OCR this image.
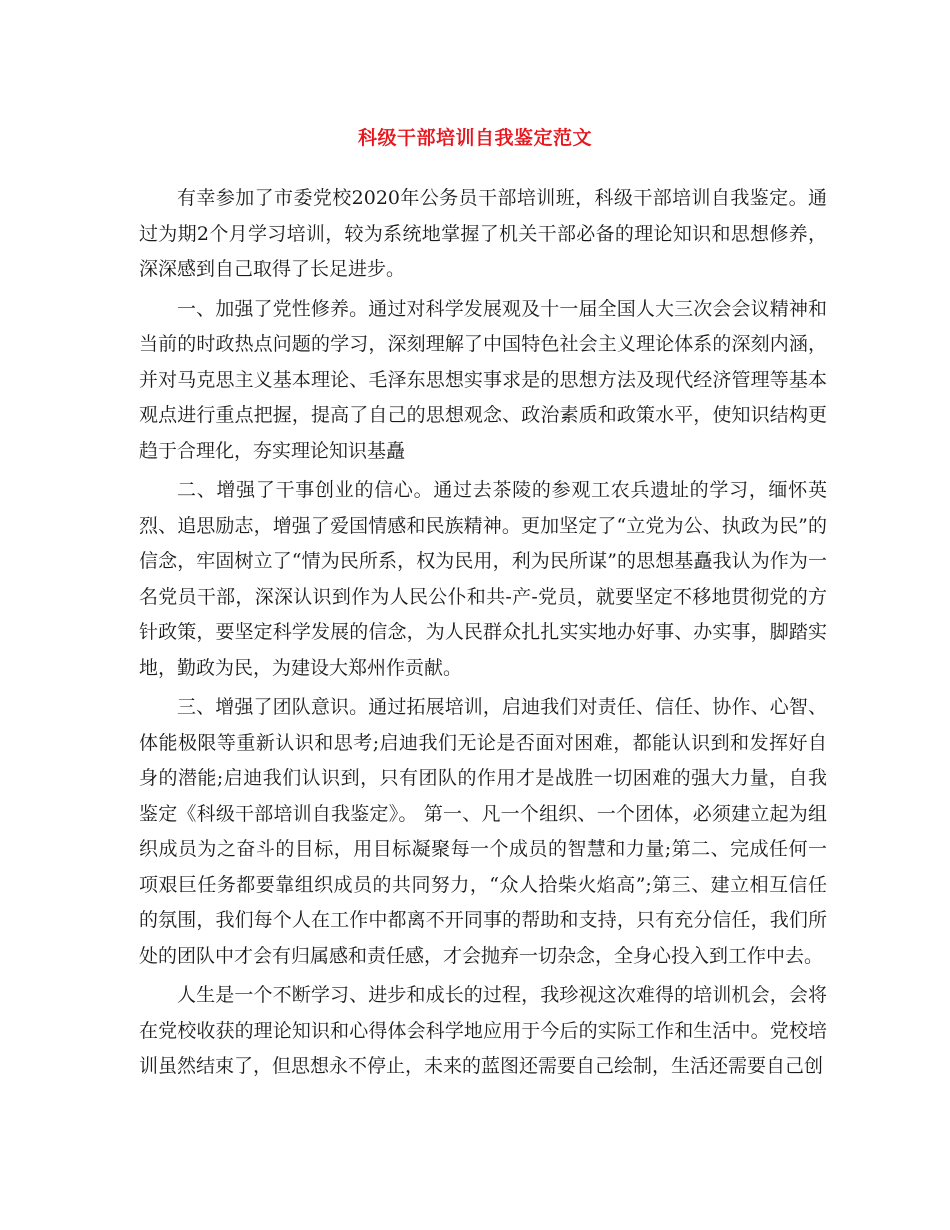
科级干部培训自我鉴定范文

有幸参加了市委党校2020年公务员干部培训班，科级干部培训自我鉴定。通过为期2个月学习培训，较为系统地掌握了机关干部必备的理论知识和思想修养，深深感到自己取得了长足进步。

一、加强了党性修养。通过对科学发展观及十一届全国人大三次会会议精神和当前的时政热点问题的学习，深刻理解了中国特色社会主义理论体系的深刻内涵，并对马克思主义基本理论、毛泽东思想实事求是的思想方法及现代经济管理等基本观点进行重点把握，提高了自己的思想观念、政治素质和政策水平，使知识结构更趋于合理化，夯实理论知识基矗

二、增强了干事创业的信心。通过去茶陵的参观工农兵遗址的学习，缅怀英烈、追思励志，增强了爱国情感和民族精神。更加坚定了“立党为公、执政为民”的信念，牢固树立了“情为民所系，权为民用，利为民所谋”的思想基矗我认为作为一名党员干部，深深认识到作为人民公仆和共-产-党员，就要坚定不移地贯彻党的方针政策，要坚定科学发展的信念，为人民群众扎扎实实地办好事、办实事，脚踏实地，勤政为民，为建设大郑州作贡献。

三、增强了团队意识。通过拓展培训，启迪我们对责任、信任、协作、心智、体能极限等重新认识和思考;启迪我们无论是否面对困难，都能认识到和发挥好自身的潜能;启迪我们认识到，只有团队的作用才是战胜一切困难的强大力量，自我鉴定《科级干部培训自我鉴定》。 第一、凡一个组织、一个团体，必须建立起为组织成员为之奋斗的目标，用目标凝聚每一个成员的智慧和力量;第二、完成任何一项艰巨任务都要靠组织成员的共同努力，“众人拾柴火焰高”;第三、建立相互信任的氛围，我们每个人在工作中都离不开同事的帮助和支持，只有充分信任，我们所处的团队中才会有归属感和责任感，才会抛弃一切杂念，全身心投入到工作中去。

人生是一个不断学习、进步和成长的过程，我珍视这次难得的培训机会，会将在党校收获的理论知识和心得体会科学地应用于今后的实际工作和生活中。党校培训虽然结束了，但思想永不停止，未来的蓝图还需要自己绘制，生活还需要自己创
